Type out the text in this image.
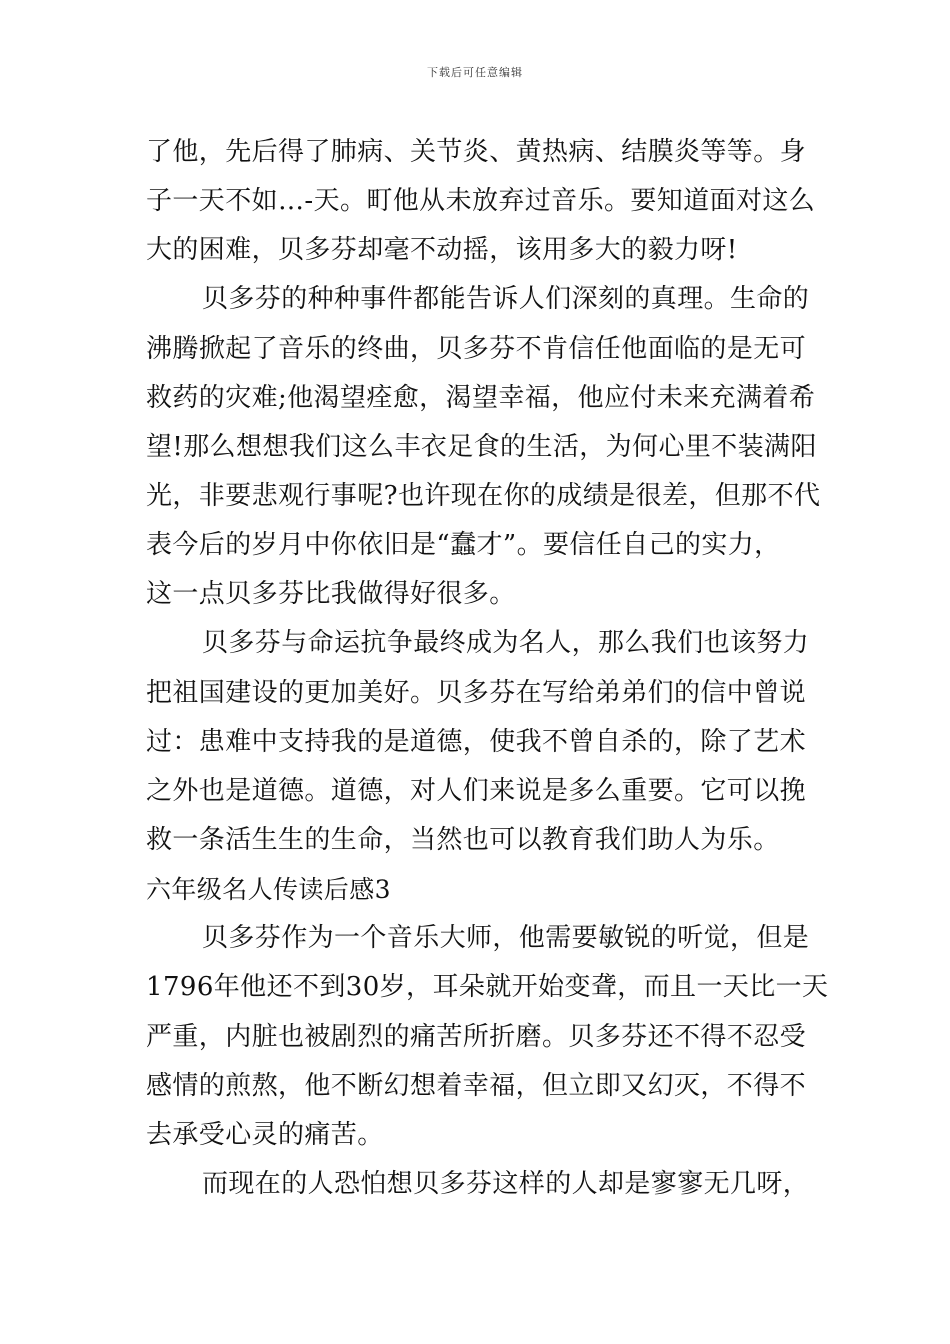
下载后可任意编辑
了他，先后得了肺病、关节炎、黄热病、结膜炎等等。身
子一天不如…-天。町他从未放弃过音乐。要知道面对这么
大的困难，贝多芬却毫不动摇，该用多大的毅力呀!
贝多芬的种种事件都能告诉人们深刻的真理。生命的
沸腾掀起了音乐的终曲，贝多芬不肯信任他面临的是无可
救药的灾难;他渴望痊愈，渴望幸福，他应付未来充满着希
望!那么想想我们这么丰衣足食的生活，为何心里不装满阳
光，非要悲观行事呢?也许现在你的成绩是很差，但那不代
表今后的岁月中你依旧是“蠢才”。要信任自己的实力，
这一点贝多芬比我做得好很多。
贝多芬与命运抗争最终成为名人，那么我们也该努力
把祖国建设的更加美好。贝多芬在写给弟弟们的信中曾说
过：患难中支持我的是道德，使我不曾自杀的，除了艺术
之外也是道德。道德，对人们来说是多么重要。它可以挽
救一条活生生的生命，当然也可以教育我们助人为乐。
六年级名人传读后感3
贝多芬作为一个音乐大师，他需要敏锐的听觉，但是
1796年他还不到30岁，耳朵就开始变聋，而且一天比一天
严重，内脏也被剧烈的痛苦所折磨。贝多芬还不得不忍受
感情的煎熬，他不断幻想着幸福，但立即又幻灭，不得不
去承受心灵的痛苦。
而现在的人恐怕想贝多芬这样的人却是寥寥无几呀，
